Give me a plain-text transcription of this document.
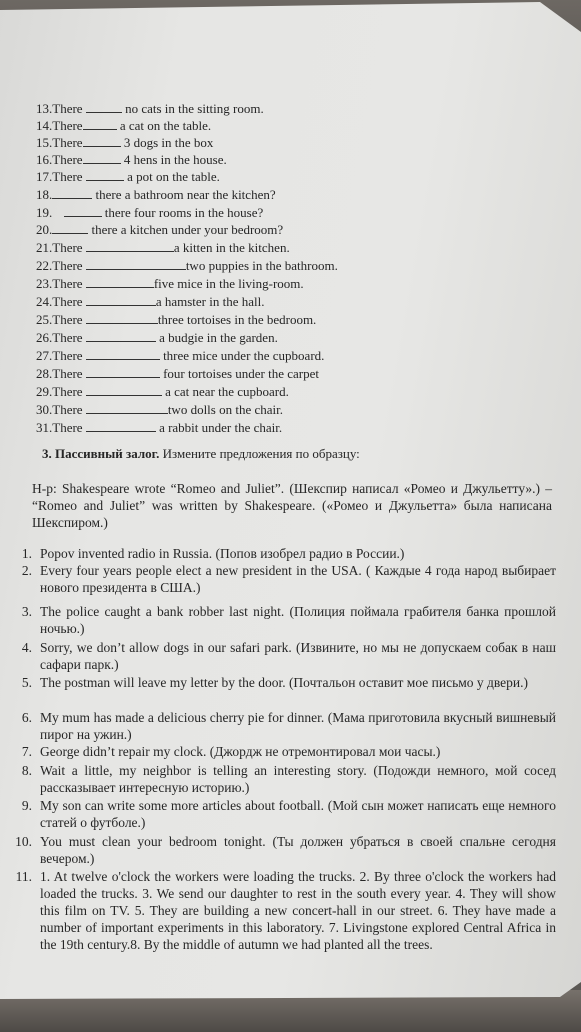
13.There	no cats in the sitting room.
14.There	a cat on the table.
15.There	3 dogs in the box
16.There	4 hens in the house.
17.There	a pot on the table.
18.	there a bathroom near the kitchen?
19.	there four rooms in the house?
20.	there a kitchen under your bedroom?
21.There	a kitten in the kitchen.
22.There	two puppies in the bathroom.
23.There	five mice in the living-room.
24.There	a hamster in the hall.
25.There	three tortoises in the bedroom.
26.There	a budgie in the garden.
27.There	three mice under the cupboard.
28.There	four tortoises under the carpet
29.There	a cat near the cupboard.
30.There	two dolls on the chair.
31.There	a rabbit under the chair.
3. Пассивный залог. Измените предложения по образцу:
Н-р: Shakespeare wrote “Romeo and Juliet”. (Шекспир написал «Ромео и Джульетту».) – “Romeo and Juliet” was written by Shakespeare. («Ромео и Джульетта» была написана Шекспиром.)
1. Popov invented radio in Russia. (Попов изобрел радио в России.)
2. Every four years people elect a new president in the USA. ( Каждые 4 года народ выбирает нового президента в США.)
3. The police caught a bank robber last night. (Полиция поймала грабителя банка прошлой ночью.)
4. Sorry, we don’t allow dogs in our safari park. (Извините, но мы не допускаем собак в наш сафари парк.)
5. The postman will leave my letter by the door. (Почтальон оставит мое письмо у двери.)
6. My mum has made a delicious cherry pie for dinner. (Мама приготовила вкусный вишневый пирог на ужин.)
7. George didn’t repair my clock. (Джордж не отремонтировал мои часы.)
8. Wait a little, my neighbor is telling an interesting story. (Подожди немного, мой сосед рассказывает интересную историю.)
9. My son can write some more articles about football. (Мой сын может написать еще немного статей о футболе.)
10. You must clean your bedroom tonight. (Ты должен убраться в своей спальне сегодня вечером.)
11. 1. At twelve o'clock the workers were loading the trucks. 2. By three o'clock the workers had loaded the trucks. 3. We send our daughter to rest in the south every year. 4. They will show this film on TV. 5. They are building a new concert-hall in our street. 6. They have made a number of important experiments in this laboratory. 7. Livingstone explored Central Africa in the 19th century.8. By the middle of autumn we had planted all the trees.
